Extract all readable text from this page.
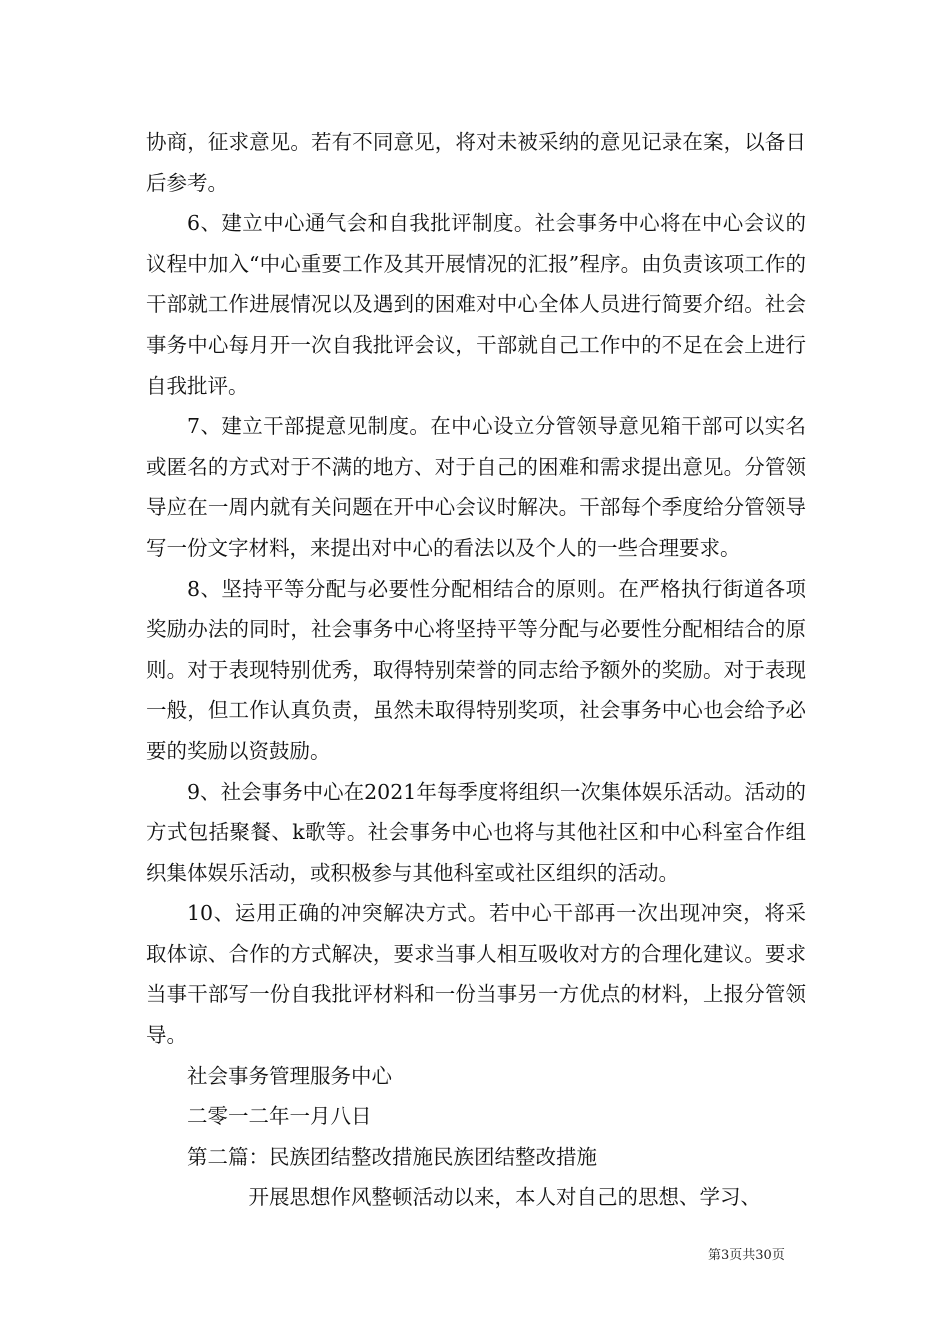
协商，征求意见。若有不同意见，将对未被采纳的意见记录在案，以备日后参考。

6、建立中心通气会和自我批评制度。社会事务中心将在中心会议的议程中加入“中心重要工作及其开展情况的汇报”程序。由负责该项工作的干部就工作进展情况以及遇到的困难对中心全体人员进行简要介绍。社会事务中心每月开一次自我批评会议，干部就自己工作中的不足在会上进行自我批评。

7、建立干部提意见制度。在中心设立分管领导意见箱干部可以实名或匿名的方式对于不满的地方、对于自己的困难和需求提出意见。分管领导应在一周内就有关问题在开中心会议时解决。干部每个季度给分管领导写一份文字材料，来提出对中心的看法以及个人的一些合理要求。

8、坚持平等分配与必要性分配相结合的原则。在严格执行街道各项奖励办法的同时，社会事务中心将坚持平等分配与必要性分配相结合的原则。对于表现特别优秀，取得特别荣誉的同志给予额外的奖励。对于表现一般，但工作认真负责，虽然未取得特别奖项，社会事务中心也会给予必要的奖励以资鼓励。

9、社会事务中心在2021年每季度将组织一次集体娱乐活动。活动的方式包括聚餐、k歌等。社会事务中心也将与其他社区和中心科室合作组织集体娱乐活动，或积极参与其他科室或社区组织的活动。

10、运用正确的冲突解决方式。若中心干部再一次出现冲突，将采取体谅、合作的方式解决，要求当事人相互吸收对方的合理化建议。要求当事干部写一份自我批评材料和一份当事另一方优点的材料，上报分管领导。

社会事务管理服务中心

二零一二年一月八日

第二篇：民族团结整改措施民族团结整改措施

开展思想作风整顿活动以来，本人对自己的思想、学习、

第3页共30页
